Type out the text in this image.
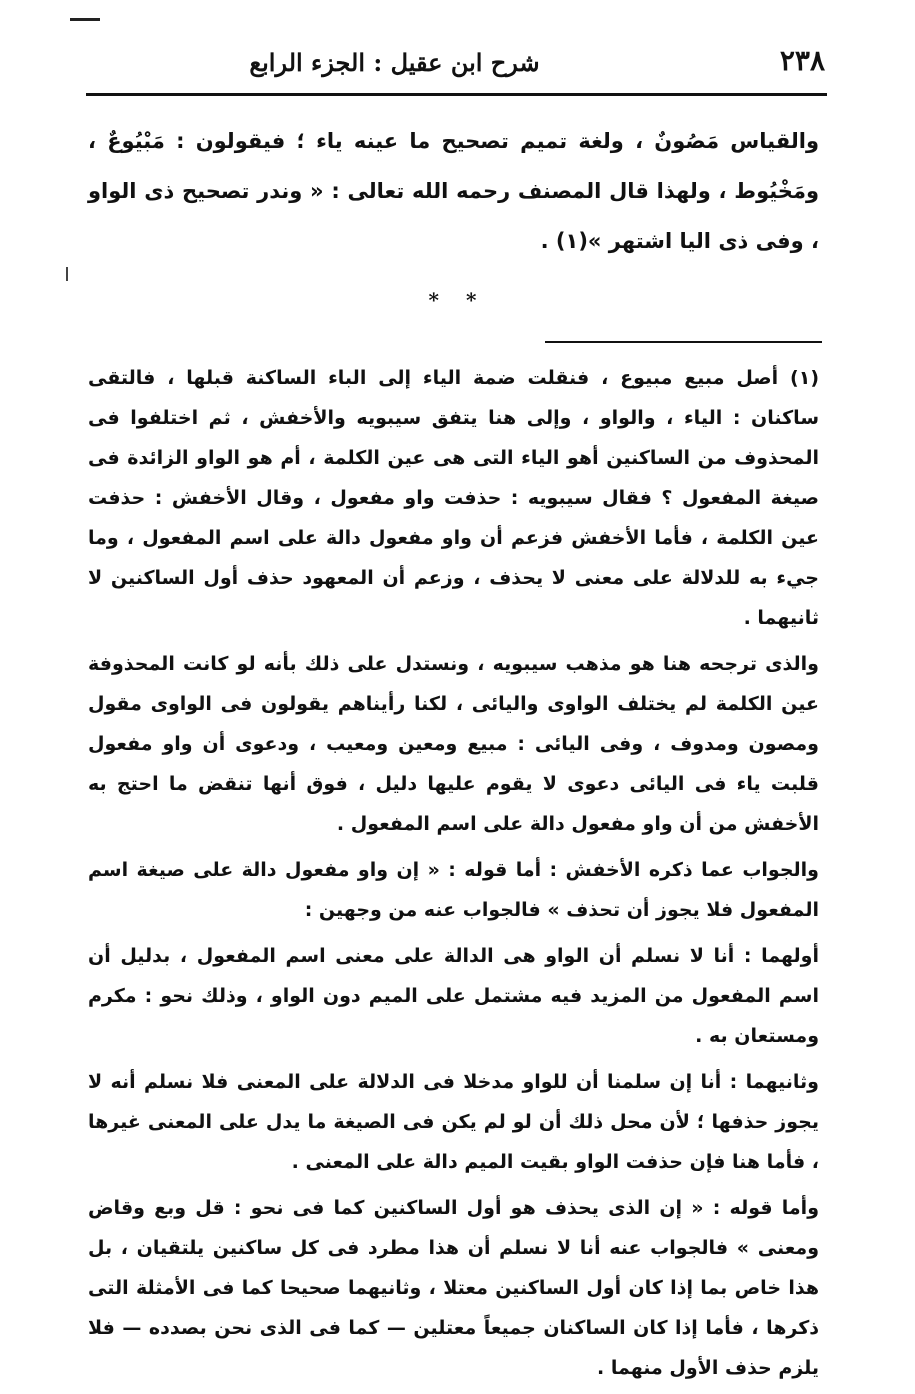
٢٣٨
شرح ابن عقيل : الجزء الرابع

والقياس مَصُونٌ ، ولغة تميم تصحيح ما عينه ياء ؛ فيقولون : مَبْيُوعٌ ، ومَخْيُوط ، ولهذا قال المصنف رحمه الله تعالى : « وندر تصحيح ذى الواو ، وفى ذى اليا اشتهر »(١) .

* *

(١) أصل مبيع مبيوع ، فنقلت ضمة الياء إلى الباء الساكنة قبلها ، فالتقى ساكنان : الياء ، والواو ، وإلى هنا يتفق سيبويه والأخفش ، ثم اختلفوا فى المحذوف من الساكنين أهو الياء التى هى عين الكلمة ، أم هو الواو الزائدة فى صيغة المفعول ؟ فقال سيبويه : حذفت واو مفعول ، وقال الأخفش : حذفت عين الكلمة ، فأما الأخفش فزعم أن واو مفعول دالة على اسم المفعول ، وما جيء به للدلالة على معنى لا يحذف ، وزعم أن المعهود حذف أول الساكنين لا ثانيهما .

والذى ترجحه هنا هو مذهب سيبويه ، ونستدل على ذلك بأنه لو كانت المحذوفة عين الكلمة لم يختلف الواوى واليائى ، لكنا رأيناهم يقولون فى الواوى مقول ومصون ومدوف ، وفى اليائى : مبيع ومعين ومعيب ، ودعوى أن واو مفعول قلبت ياء فى اليائى دعوى لا يقوم عليها دليل ، فوق أنها تنقض ما احتج به الأخفش من أن واو مفعول دالة على اسم المفعول .

والجواب عما ذكره الأخفش : أما قوله : « إن واو مفعول دالة على صيغة اسم المفعول فلا يجوز أن تحذف » فالجواب عنه من وجهين :

أولهما : أنا لا نسلم أن الواو هى الدالة على معنى اسم المفعول ، بدليل أن اسم المفعول من المزيد فيه مشتمل على الميم دون الواو ، وذلك نحو : مكرم ومستعان به .

وثانيهما : أنا إن سلمنا أن للواو مدخلا فى الدلالة على المعنى فلا نسلم أنه لا يجوز حذفها ؛ لأن محل ذلك أن لو لم يكن فى الصيغة ما يدل على المعنى غيرها ، فأما هنا فإن حذفت الواو بقيت الميم دالة على المعنى .

وأما قوله : « إن الذى يحذف هو أول الساكنين كما فى نحو : قل وبع وقاض ومعنى » فالجواب عنه أنا لا نسلم أن هذا مطرد فى كل ساكنين يلتقيان ، بل هذا خاص بما إذا كان أول الساكنين معتلا ، وثانيهما صحيحا كما فى الأمثلة التى ذكرها ، فأما إذا كان الساكنان جميعاً معتلين — كما فى الذى نحن بصدده — فلا يلزم حذف الأول منهما .
